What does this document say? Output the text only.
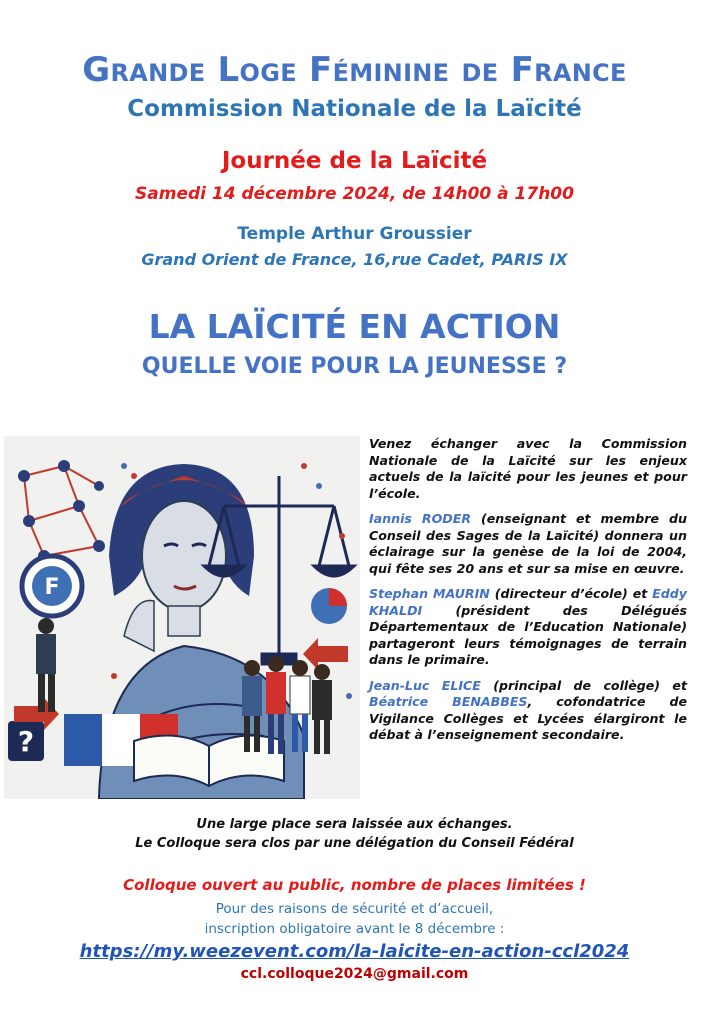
Grande Loge Féminine de France
Commission Nationale de la Laïcité
Journée de la Laïcité
Samedi 14 décembre 2024, de 14h00 à 17h00
Temple Arthur Groussier
Grand Orient de France, 16,rue Cadet, PARIS IX
LA LAÏCITÉ EN ACTION
QUELLE VOIE POUR LA JEUNESSE ?
F
?

Venez échanger avec la Commission Nationale de la Laïcité sur les enjeux actuels de la laïcité pour les jeunes et pour l’école.

Iannis RODER (enseignant et membre du Conseil des Sages de la Laïcité) donnera un éclairage sur la genèse de la loi de 2004, qui fête ses 20 ans et sur sa mise en œuvre.

Stephan MAURIN (directeur d’école) et Eddy KHALDI (président des Délégués Départementaux de l’Education Nationale) partageront leurs témoignages de terrain dans le primaire.

Jean-Luc ELICE (principal de collège) et Béatrice BENABBES, cofondatrice de Vigilance Collèges et Lycées élargiront le débat à l’enseignement secondaire.

Une large place sera laissée aux échanges.
Le Colloque sera clos par une délégation du Conseil Fédéral
Colloque ouvert au public, nombre de places limitées !
Pour des raisons de sécurité et d’accueil,
inscription obligatoire avant le 8 décembre :
https://my.weezevent.com/la-laicite-en-action-ccl2024
ccl.colloque2024@gmail.com
